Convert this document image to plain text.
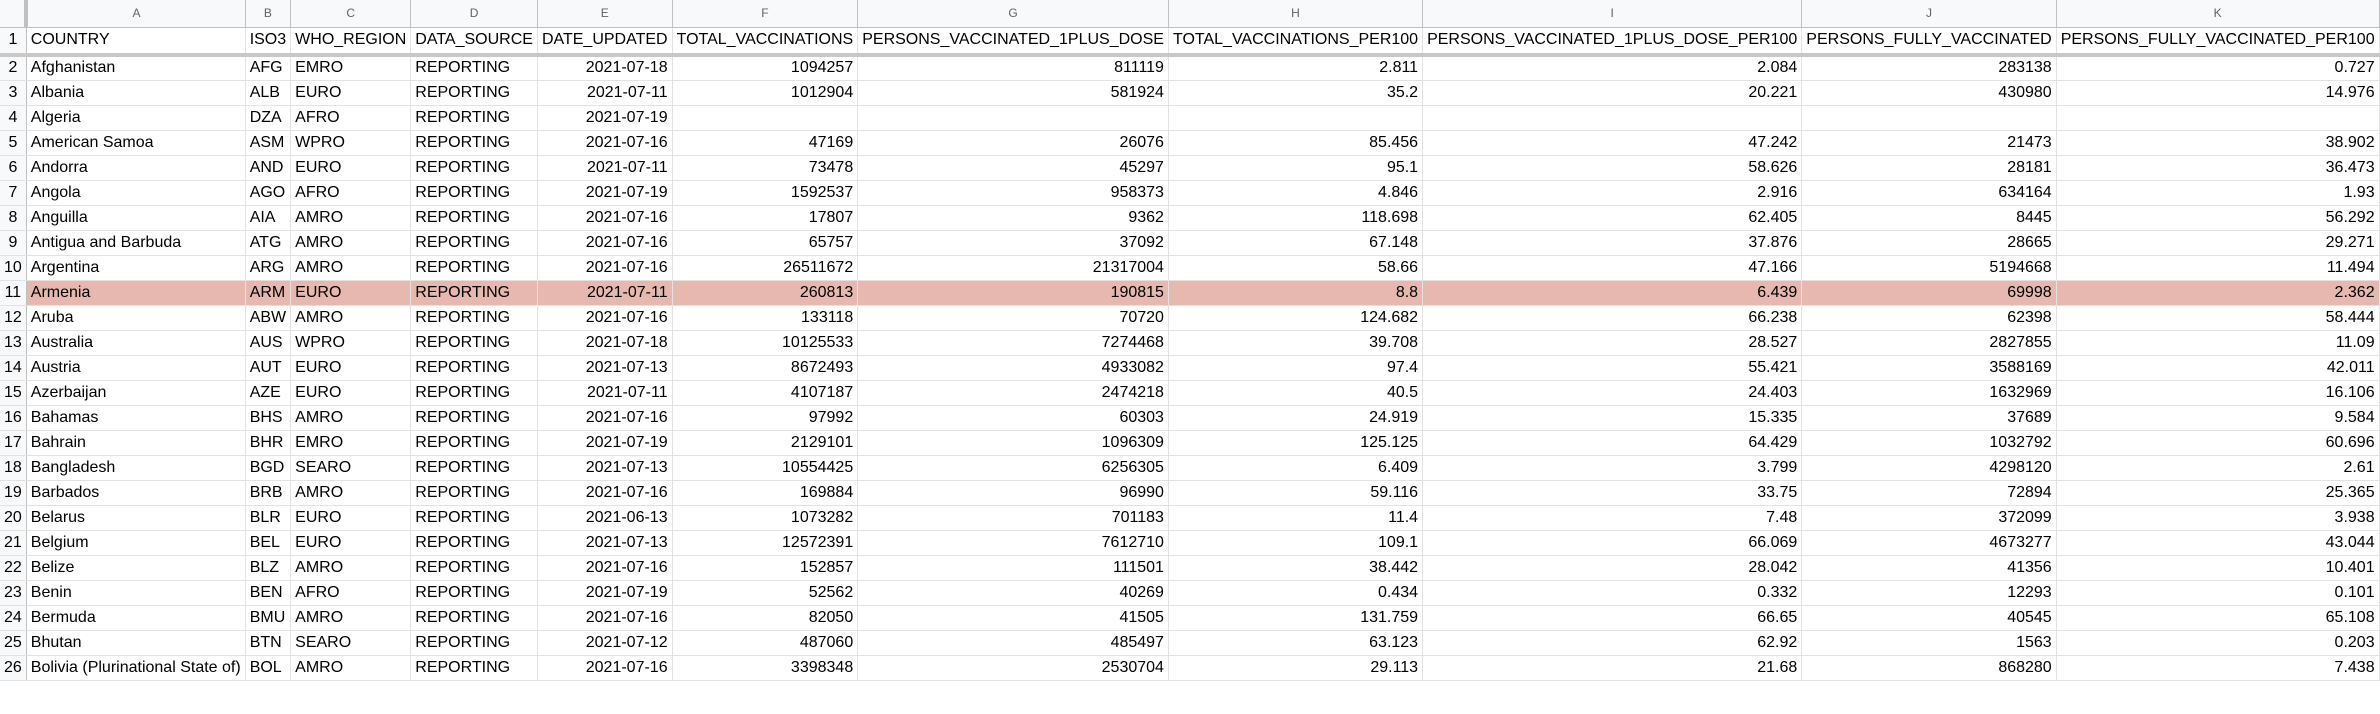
	A	B	C	D	E	F	G	H	I	J	K
1	COUNTRY	ISO3	WHO_REGION	DATA_SOURCE	DATE_UPDATED	TOTAL_VACCINATIONS	PERSONS_VACCINATED_1PLUS_DOSE	TOTAL_VACCINATIONS_PER100	PERSONS_VACCINATED_1PLUS_DOSE_PER100	PERSONS_FULLY_VACCINATED	PERSONS_FULLY_VACCINATED_PER100
2	Afghanistan	AFG	EMRO	REPORTING	2021-07-18	1094257	811119	2.811	2.084	283138	0.727
3	Albania	ALB	EURO	REPORTING	2021-07-11	1012904	581924	35.2	20.221	430980	14.976
4	Algeria	DZA	AFRO	REPORTING	2021-07-19						
5	American Samoa	ASM	WPRO	REPORTING	2021-07-16	47169	26076	85.456	47.242	21473	38.902
6	Andorra	AND	EURO	REPORTING	2021-07-11	73478	45297	95.1	58.626	28181	36.473
7	Angola	AGO	AFRO	REPORTING	2021-07-19	1592537	958373	4.846	2.916	634164	1.93
8	Anguilla	AIA	AMRO	REPORTING	2021-07-16	17807	9362	118.698	62.405	8445	56.292
9	Antigua and Barbuda	ATG	AMRO	REPORTING	2021-07-16	65757	37092	67.148	37.876	28665	29.271
10	Argentina	ARG	AMRO	REPORTING	2021-07-16	26511672	21317004	58.66	47.166	5194668	11.494
11	Armenia	ARM	EURO	REPORTING	2021-07-11	260813	190815	8.8	6.439	69998	2.362
12	Aruba	ABW	AMRO	REPORTING	2021-07-16	133118	70720	124.682	66.238	62398	58.444
13	Australia	AUS	WPRO	REPORTING	2021-07-18	10125533	7274468	39.708	28.527	2827855	11.09
14	Austria	AUT	EURO	REPORTING	2021-07-13	8672493	4933082	97.4	55.421	3588169	42.011
15	Azerbaijan	AZE	EURO	REPORTING	2021-07-11	4107187	2474218	40.5	24.403	1632969	16.106
16	Bahamas	BHS	AMRO	REPORTING	2021-07-16	97992	60303	24.919	15.335	37689	9.584
17	Bahrain	BHR	EMRO	REPORTING	2021-07-19	2129101	1096309	125.125	64.429	1032792	60.696
18	Bangladesh	BGD	SEARO	REPORTING	2021-07-13	10554425	6256305	6.409	3.799	4298120	2.61
19	Barbados	BRB	AMRO	REPORTING	2021-07-16	169884	96990	59.116	33.75	72894	25.365
20	Belarus	BLR	EURO	REPORTING	2021-06-13	1073282	701183	11.4	7.48	372099	3.938
21	Belgium	BEL	EURO	REPORTING	2021-07-13	12572391	7612710	109.1	66.069	4673277	43.044
22	Belize	BLZ	AMRO	REPORTING	2021-07-16	152857	111501	38.442	28.042	41356	10.401
23	Benin	BEN	AFRO	REPORTING	2021-07-19	52562	40269	0.434	0.332	12293	0.101
24	Bermuda	BMU	AMRO	REPORTING	2021-07-16	82050	41505	131.759	66.65	40545	65.108
25	Bhutan	BTN	SEARO	REPORTING	2021-07-12	487060	485497	63.123	62.92	1563	0.203
26	Bolivia (Plurinational State of)	BOL	AMRO	REPORTING	2021-07-16	3398348	2530704	29.113	21.68	868280	7.438
